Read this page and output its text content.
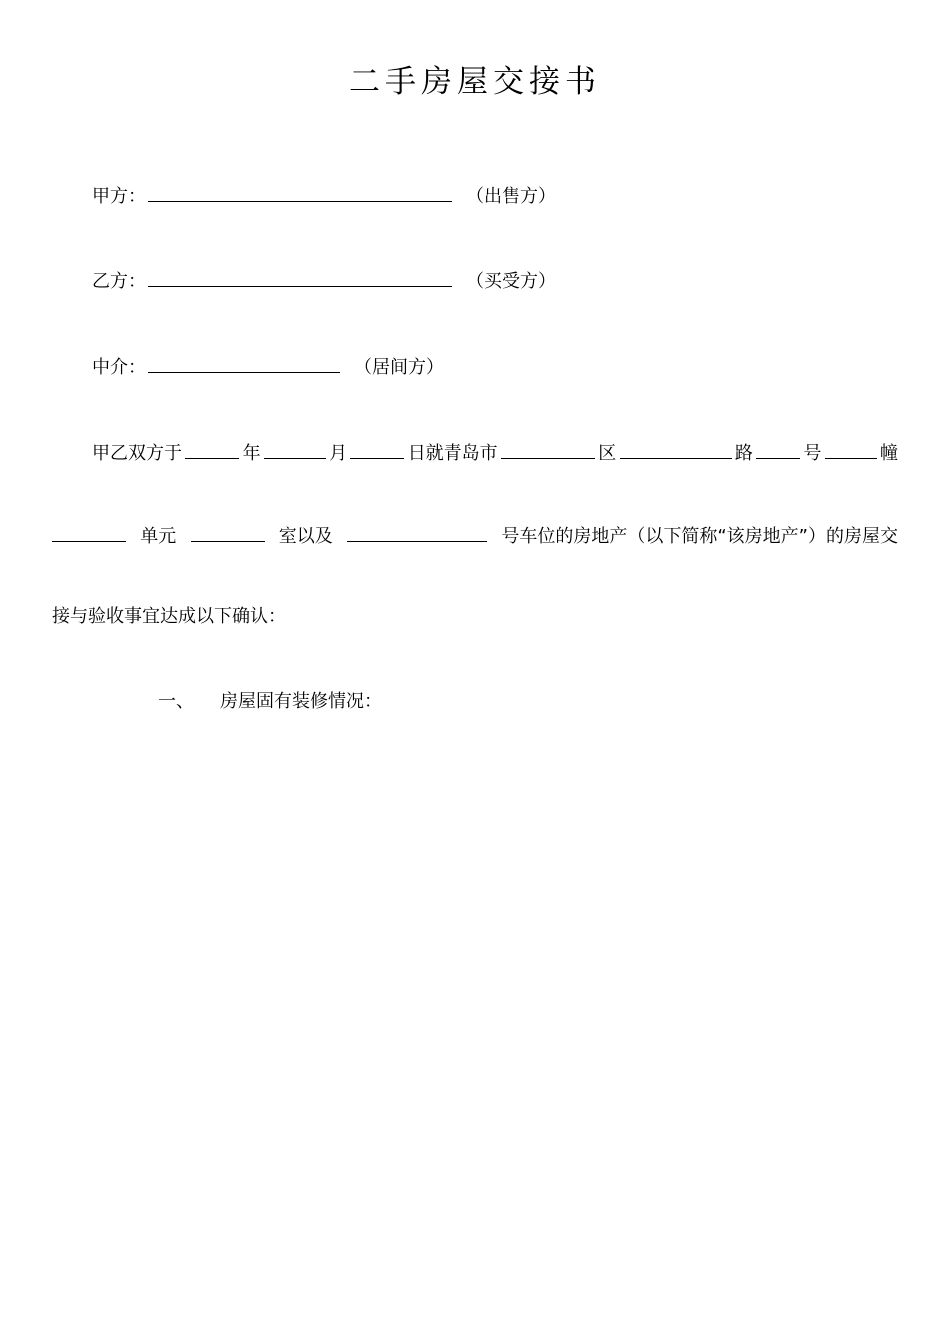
二手房屋交接书
甲方：	（出售方）
乙方：	（买受方）
中介：	（居间方）
甲乙双方于	年	月	日就青岛市	区	路	号	幢
单元	室以及	号车位的房地产（以下简称“该房地产”）的房屋交
接与验收事宜达成以下确认：
一、 房屋固有装修情况：
